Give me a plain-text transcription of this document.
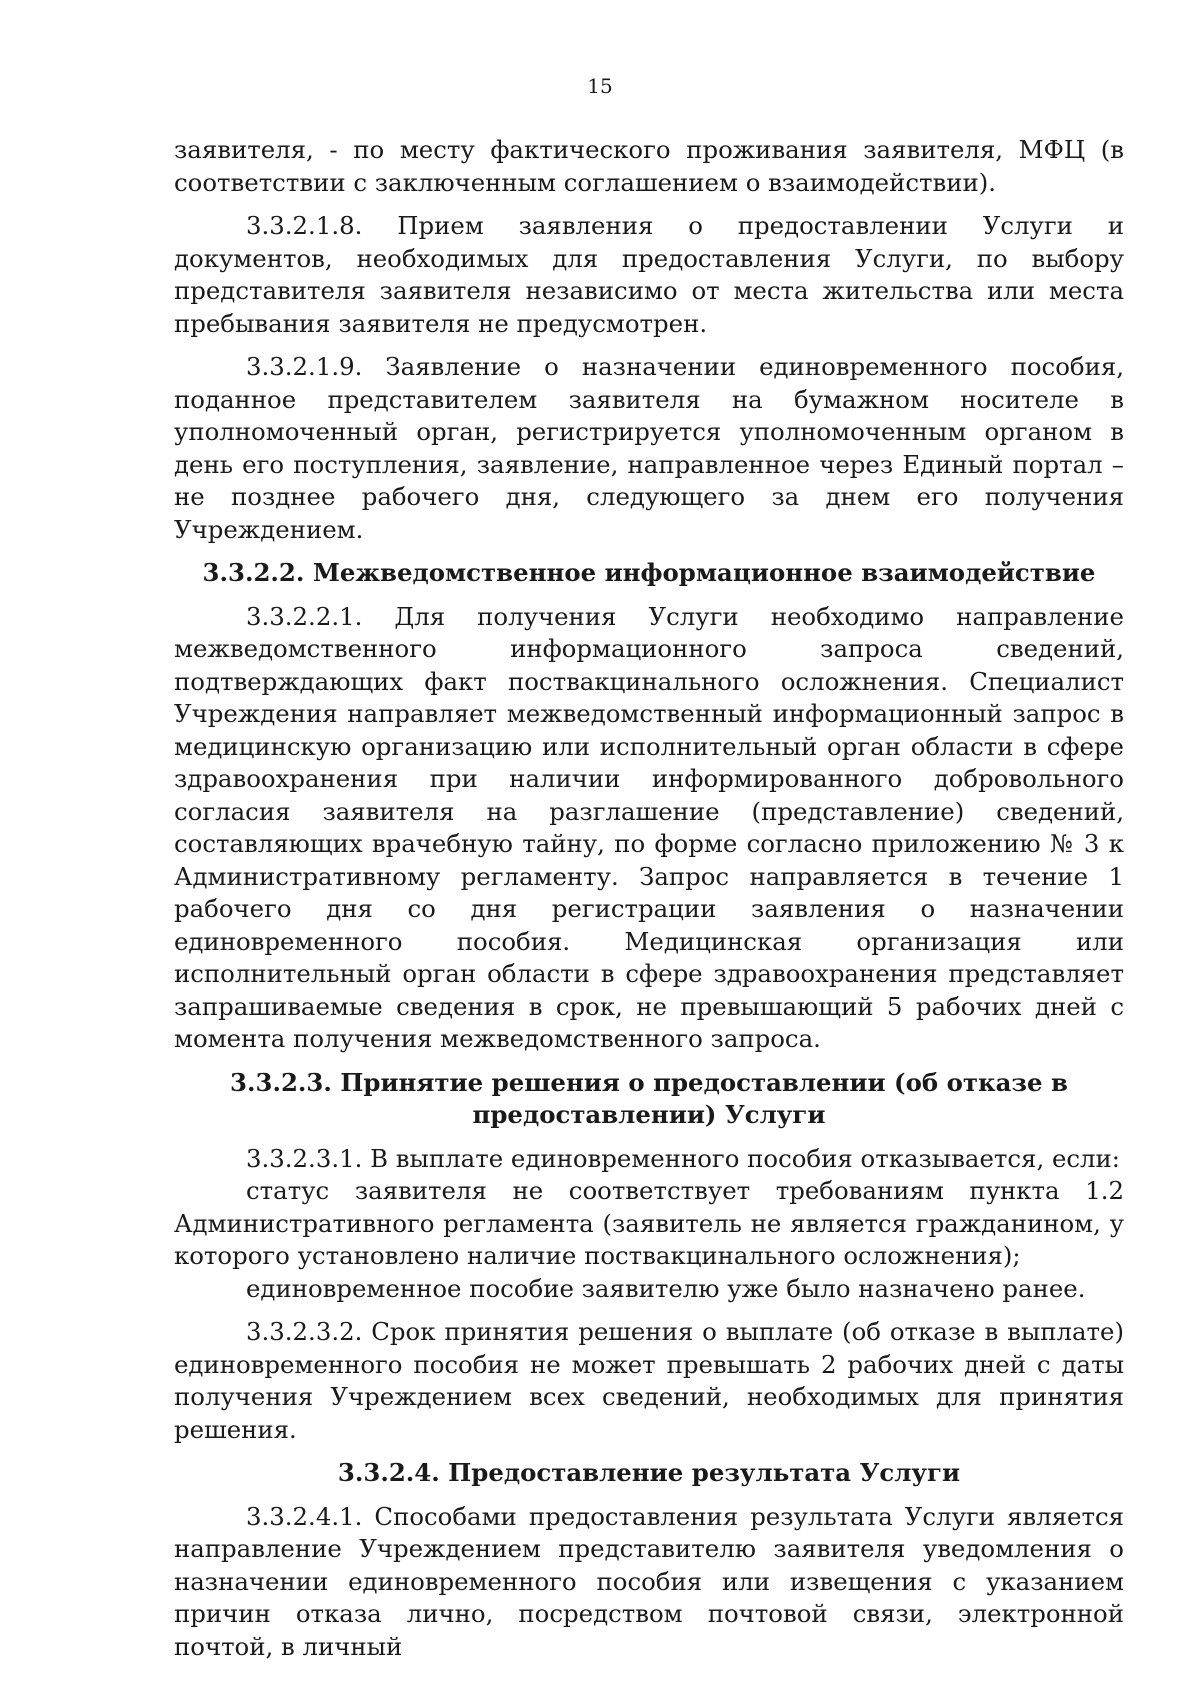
15

заявителя, - по месту фактического проживания заявителя, МФЦ (в соответствии с заключенным соглашением о взаимодействии).

3.3.2.1.8. Прием заявления о предоставлении Услуги и документов, необходимых для предоставления Услуги, по выбору представителя заявителя независимо от места жительства или места пребывания заявителя не предусмотрен.

3.3.2.1.9. Заявление о назначении единовременного пособия, поданное представителем заявителя на бумажном носителе в уполномоченный орган, регистрируется уполномоченным органом в день его поступления, заявление, направленное через Единый портал – не позднее рабочего дня, следующего за днем его получения Учреждением.

3.3.2.2. Межведомственное информационное взаимодействие

3.3.2.2.1. Для получения Услуги необходимо направление межведомственного информационного запроса сведений, подтверждающих факт поствакцинального осложнения. Специалист Учреждения направляет межведомственный информационный запрос в медицинскую организацию или исполнительный орган области в сфере здравоохранения при наличии информированного добровольного согласия заявителя на разглашение (представление) сведений, составляющих врачебную тайну, по форме согласно приложению № 3 к Административному регламенту. Запрос направляется в течение 1 рабочего дня со дня регистрации заявления о назначении единовременного пособия. Медицинская организация или исполнительный орган области в сфере здравоохранения представляет запрашиваемые сведения в срок, не превышающий 5 рабочих дней с момента получения межведомственного запроса.

3.3.2.3. Принятие решения о предоставлении (об отказе в
предоставлении) Услуги

3.3.2.3.1. В выплате единовременного пособия отказывается, если:

статус заявителя не соответствует требованиям пункта 1.2 Административного регламента (заявитель не является гражданином, у которого установлено наличие поствакцинального осложнения);

единовременное пособие заявителю уже было назначено ранее.

3.3.2.3.2. Срок принятия решения о выплате (об отказе в выплате) единовременного пособия не может превышать 2 рабочих дней с даты получения Учреждением всех сведений, необходимых для принятия решения.

3.3.2.4. Предоставление результата Услуги

3.3.2.4.1. Способами предоставления результата Услуги является направление Учреждением представителю заявителя уведомления о назначении единовременного пособия или извещения с указанием причин отказа лично, посредством почтовой связи, электронной почтой, в личный
